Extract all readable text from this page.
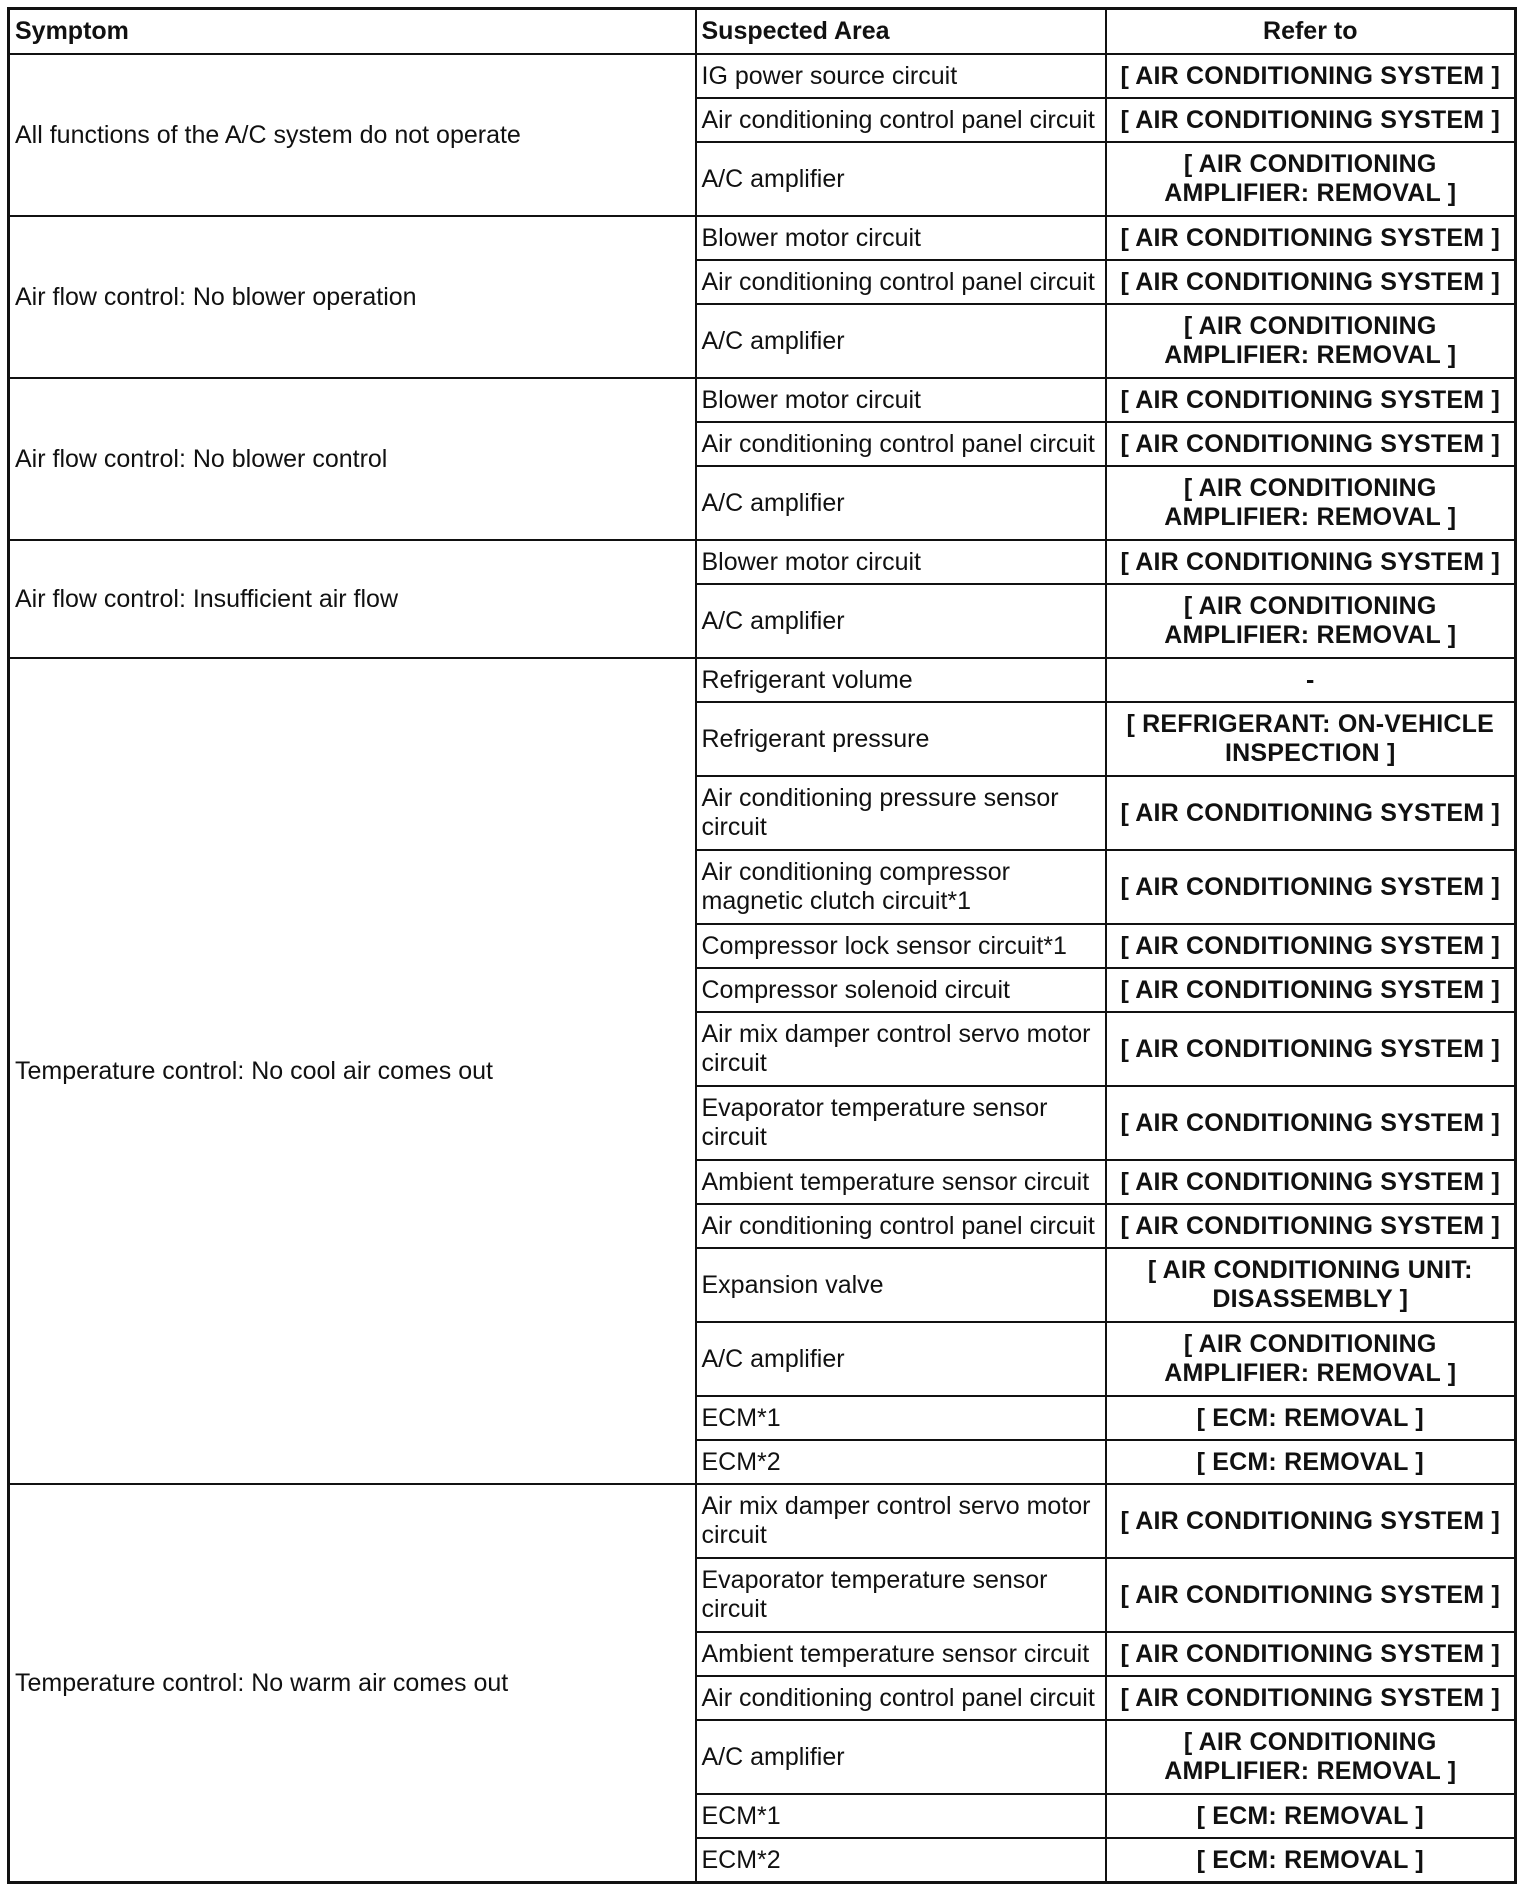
Symptom	Suspected Area	Refer to
All functions of the A/C system do not operate	IG power source circuit	[ AIR CONDITIONING SYSTEM ]
	Air conditioning control panel circuit	[ AIR CONDITIONING SYSTEM ]
	A/C amplifier	[ AIR CONDITIONING AMPLIFIER: REMOVAL ]
Air flow control: No blower operation	Blower motor circuit	[ AIR CONDITIONING SYSTEM ]
	Air conditioning control panel circuit	[ AIR CONDITIONING SYSTEM ]
	A/C amplifier	[ AIR CONDITIONING AMPLIFIER: REMOVAL ]
Air flow control: No blower control	Blower motor circuit	[ AIR CONDITIONING SYSTEM ]
	Air conditioning control panel circuit	[ AIR CONDITIONING SYSTEM ]
	A/C amplifier	[ AIR CONDITIONING AMPLIFIER: REMOVAL ]
Air flow control: Insufficient air flow	Blower motor circuit	[ AIR CONDITIONING SYSTEM ]
	A/C amplifier	[ AIR CONDITIONING AMPLIFIER: REMOVAL ]
Temperature control: No cool air comes out	Refrigerant volume	-
	Refrigerant pressure	[ REFRIGERANT: ON-VEHICLE INSPECTION ]
	Air conditioning pressure sensor circuit	[ AIR CONDITIONING SYSTEM ]
	Air conditioning compressor magnetic clutch circuit*1	[ AIR CONDITIONING SYSTEM ]
	Compressor lock sensor circuit*1	[ AIR CONDITIONING SYSTEM ]
	Compressor solenoid circuit	[ AIR CONDITIONING SYSTEM ]
	Air mix damper control servo motor circuit	[ AIR CONDITIONING SYSTEM ]
	Evaporator temperature sensor circuit	[ AIR CONDITIONING SYSTEM ]
	Ambient temperature sensor circuit	[ AIR CONDITIONING SYSTEM ]
	Air conditioning control panel circuit	[ AIR CONDITIONING SYSTEM ]
	Expansion valve	[ AIR CONDITIONING UNIT: DISASSEMBLY ]
	A/C amplifier	[ AIR CONDITIONING AMPLIFIER: REMOVAL ]
	ECM*1	[ ECM: REMOVAL ]
	ECM*2	[ ECM: REMOVAL ]
Temperature control: No warm air comes out	Air mix damper control servo motor circuit	[ AIR CONDITIONING SYSTEM ]
	Evaporator temperature sensor circuit	[ AIR CONDITIONING SYSTEM ]
	Ambient temperature sensor circuit	[ AIR CONDITIONING SYSTEM ]
	Air conditioning control panel circuit	[ AIR CONDITIONING SYSTEM ]
	A/C amplifier	[ AIR CONDITIONING AMPLIFIER: REMOVAL ]
	ECM*1	[ ECM: REMOVAL ]
	ECM*2	[ ECM: REMOVAL ]
